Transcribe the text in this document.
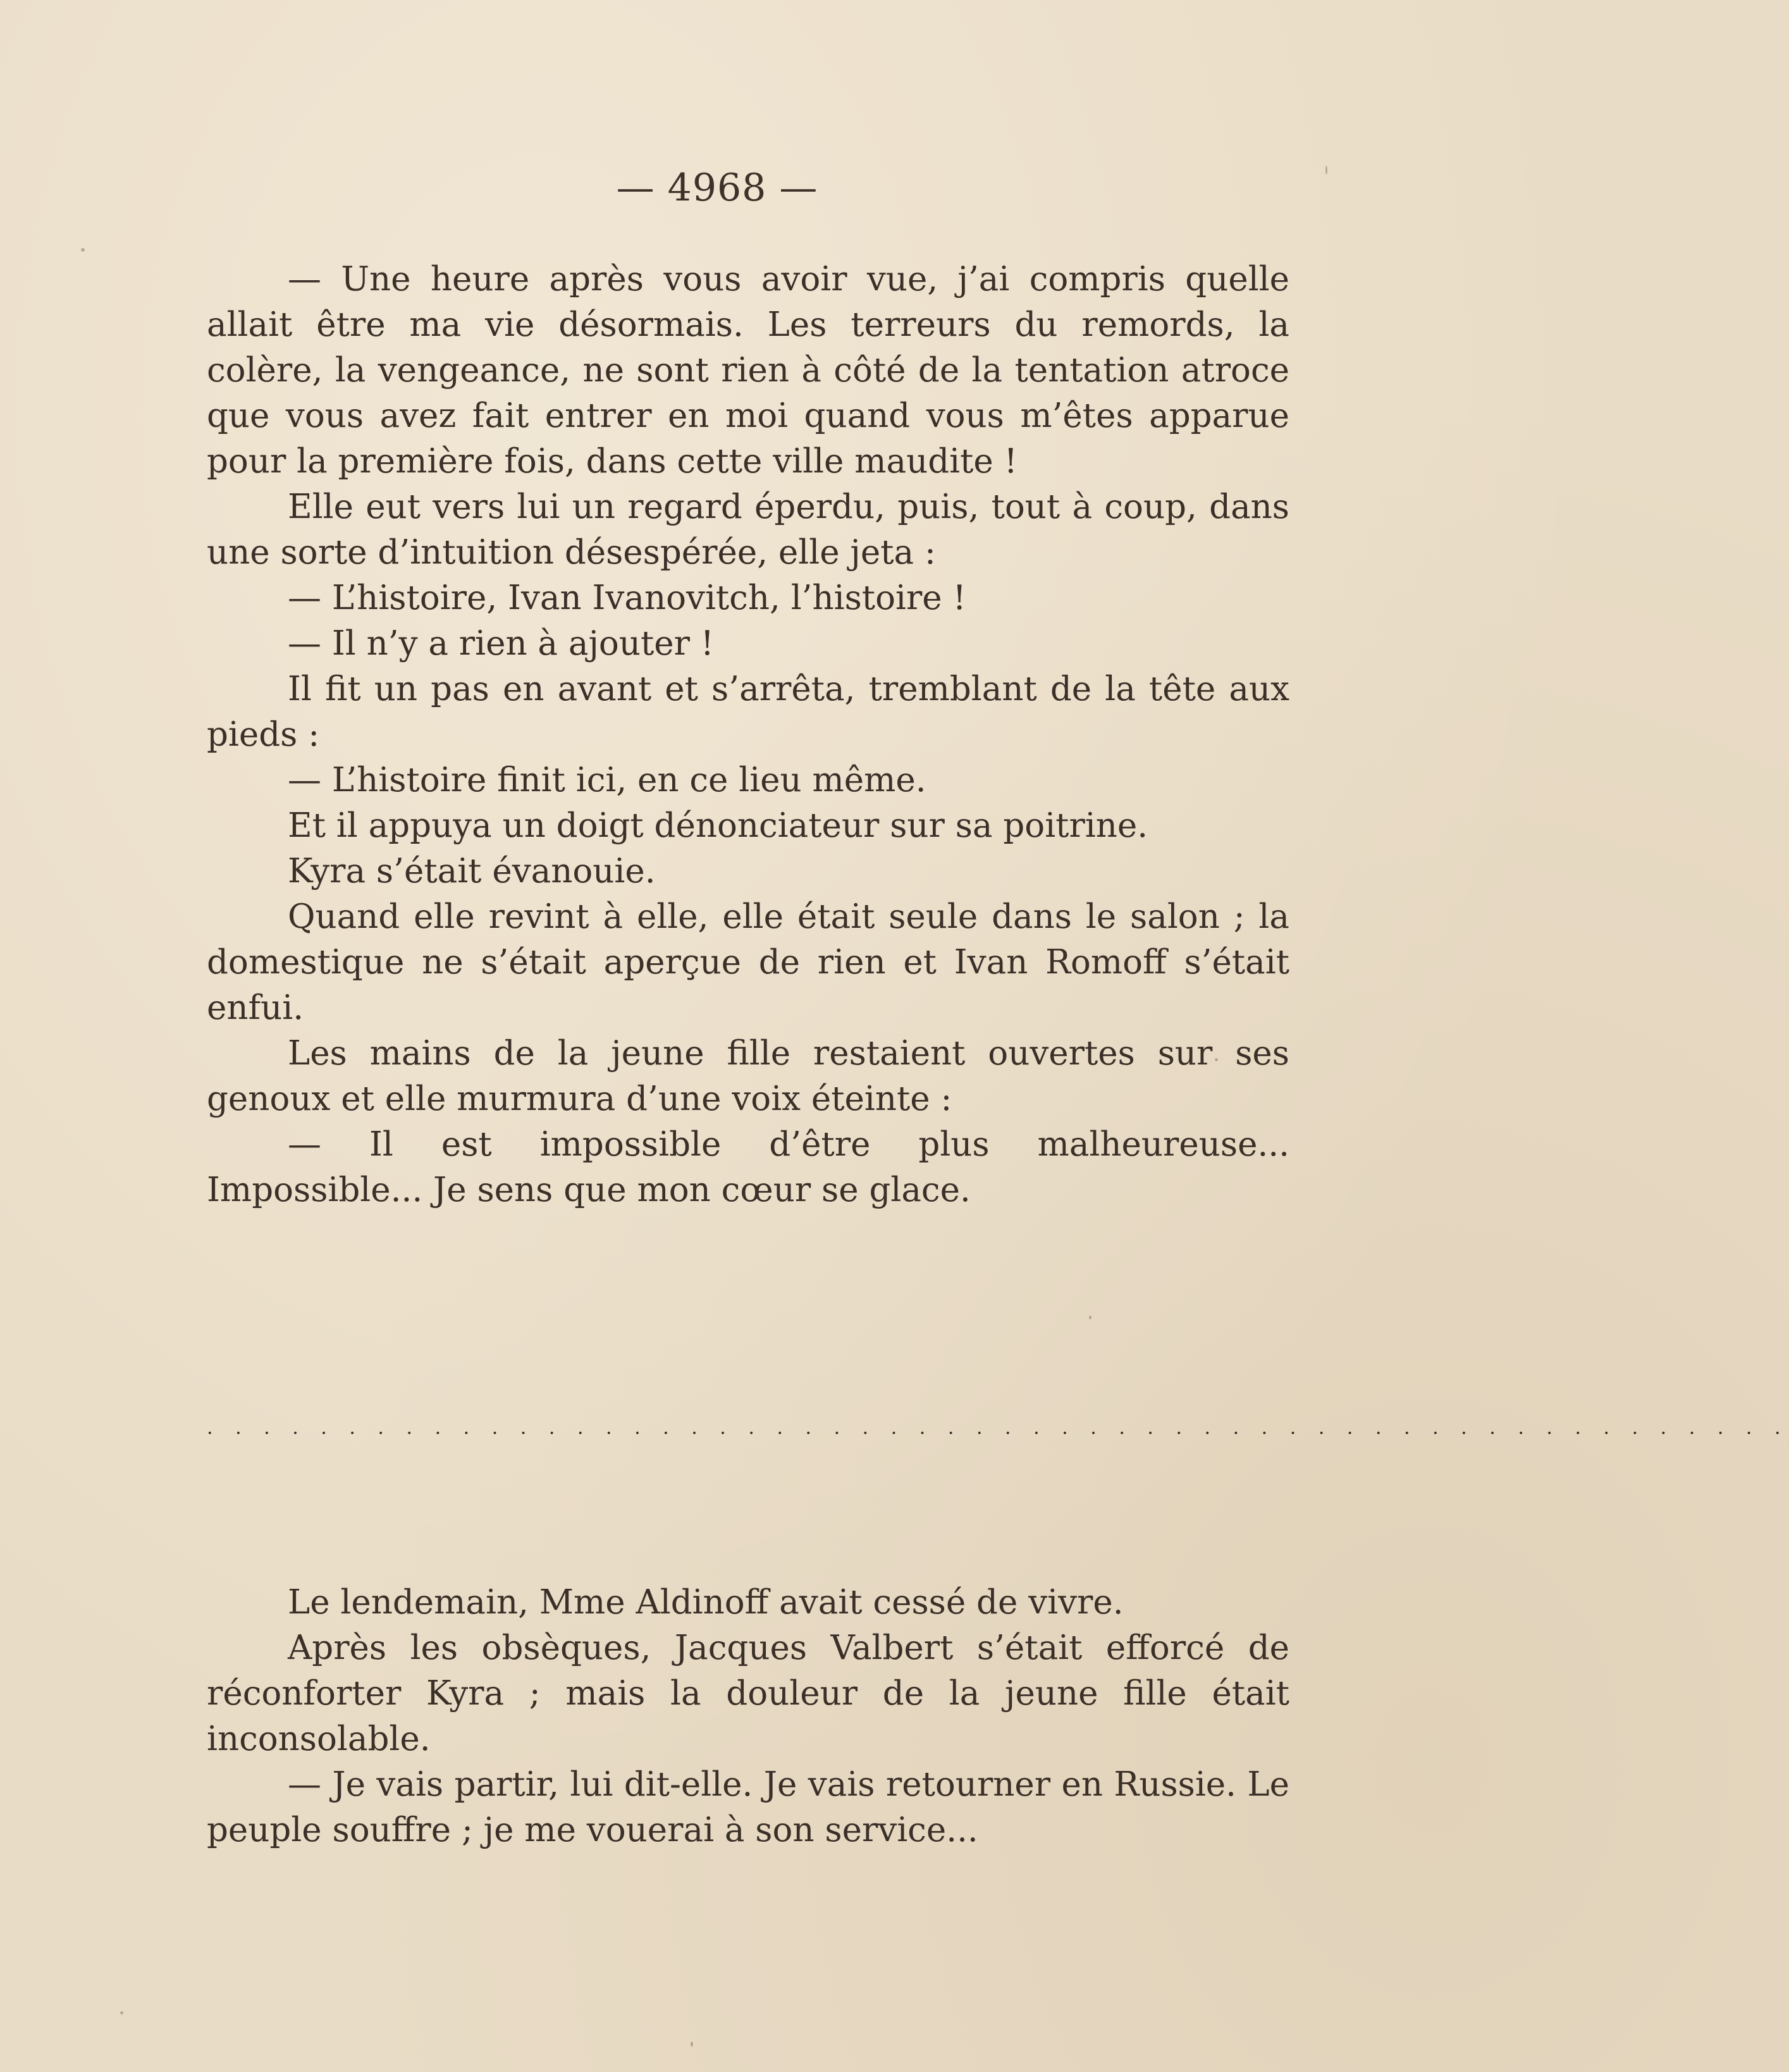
— 4968 —

— Une heure après vous avoir vue, j’ai compris quelle allait être ma vie désormais. Les terreurs du remords, la colère, la vengeance, ne sont rien à côté de la tentation atroce que vous avez fait entrer en moi quand vous m’êtes apparue pour la première fois, dans cette ville maudite !

Elle eut vers lui un regard éperdu, puis, tout à coup, dans une sorte d’intuition désespérée, elle jeta :

— L’histoire, Ivan Ivanovitch, l’histoire !

— Il n’y a rien à ajouter !

Il fit un pas en avant et s’arrêta, tremblant de la tête aux pieds :

— L’histoire finit ici, en ce lieu même.

Et il appuya un doigt dénonciateur sur sa poitrine.

Kyra s’était évanouie.

Quand elle revint à elle, elle était seule dans le salon ; la domestique ne s’était aperçue de rien et Ivan Romoff s’était enfui.

Les mains de la jeune fille restaient ouvertes sur ses genoux et elle murmura d’une voix éteinte :

— Il est impossible d’être plus malheureuse... Impossible... Je sens que mon cœur se glace.

. . . . . . . . . . . . . . . . . . . . . . . . . . . . . . . . . . . . . . . . . . . . . . . . . . . . . . . .

Le lendemain, Mme Aldinoff avait cessé de vivre.

Après les obsèques, Jacques Valbert s’était efforcé de réconforter Kyra ; mais la douleur de la jeune fille était inconsolable.

— Je vais partir, lui dit-elle. Je vais retourner en Russie. Le peuple souffre ; je me vouerai à son service...
